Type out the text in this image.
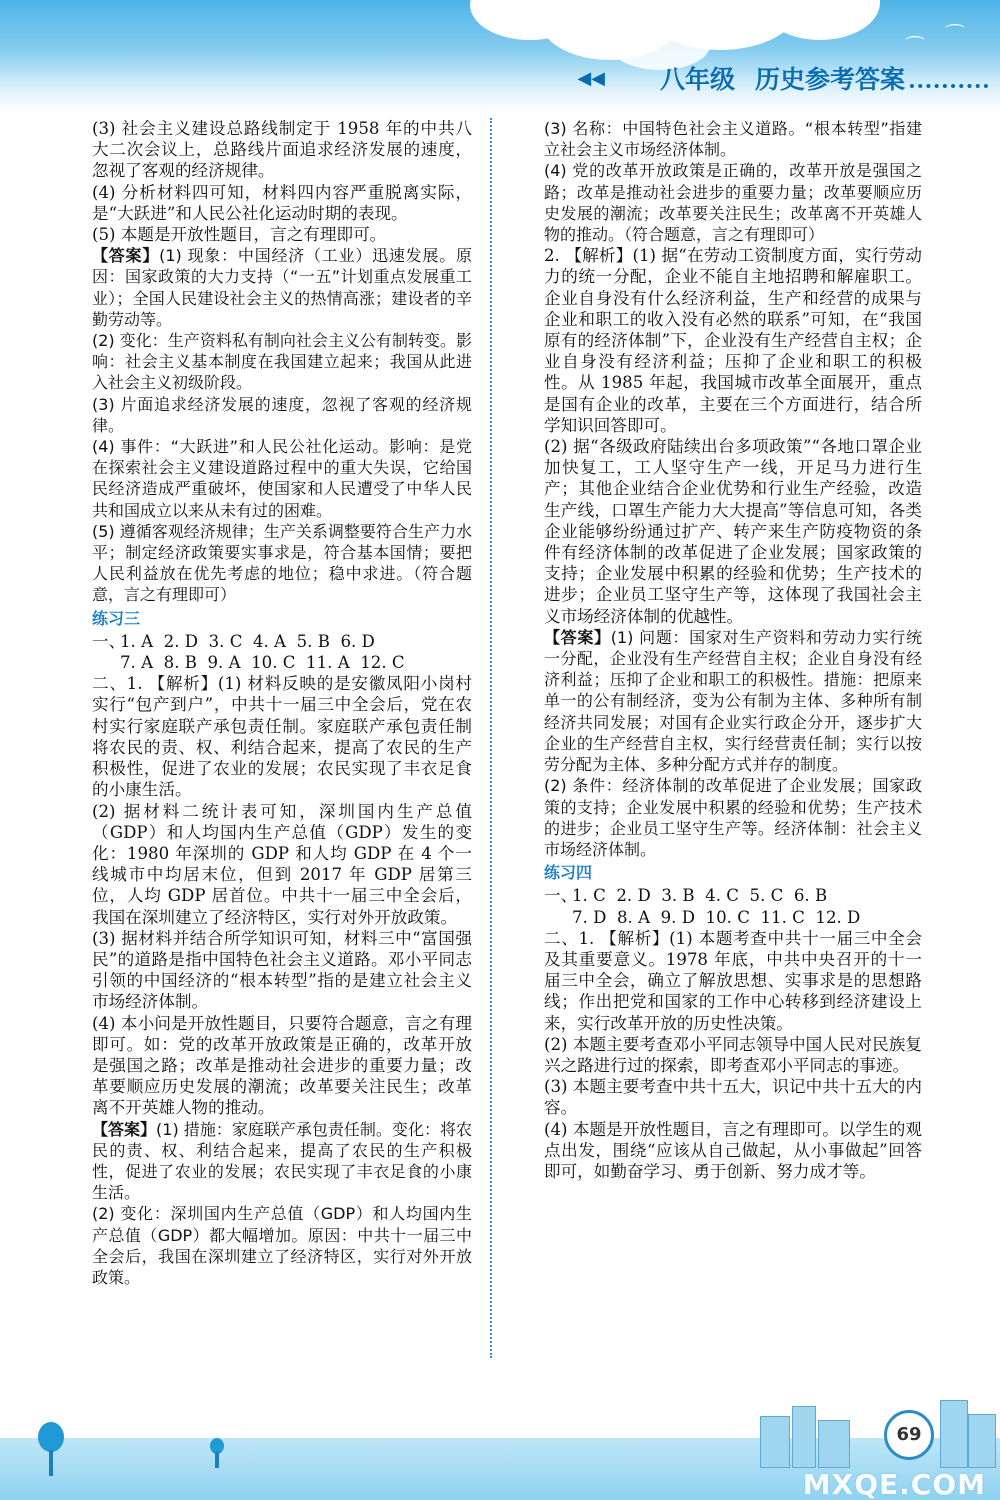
⌒ ⌒
◀◀ 八年级 历史参考答案

(3) 社会主义建设总路线制定于 1958 年的中共八大二次会议上，总路线片面追求经济发展的速度，忽视了客观的经济规律。

(4) 分析材料四可知，材料四内容严重脱离实际，是“大跃进”和人民公社化运动时期的表现。

(5) 本题是开放性题目，言之有理即可。

【答案】(1) 现象：中国经济（工业）迅速发展。原因：国家政策的大力支持（“一五”计划重点发展重工业）；全国人民建设社会主义的热情高涨；建设者的辛勤劳动等。

(2) 变化：生产资料私有制向社会主义公有制转变。影响：社会主义基本制度在我国建立起来；我国从此进入社会主义初级阶段。

(3) 片面追求经济发展的速度，忽视了客观的经济规律。

(4) 事件：“大跃进”和人民公社化运动。影响：是党在探索社会主义建设道路过程中的重大失误，它给国民经济造成严重破坏，使国家和人民遭受了中华人民共和国成立以来从未有过的困难。

(5) 遵循客观经济规律；生产关系调整要符合生产力水平；制定经济政策要实事求是，符合基本国情；要把人民利益放在优先考虑的地位；稳中求进。（符合题意，言之有理即可）

练习三

一、
1. A  2. D  3. C  4. A  5. B  6. D
7. A  8. B  9. A  10. C  11. A  12. C

二、1. 【解析】(1) 材料反映的是安徽凤阳小岗村实行“包产到户”，中共十一届三中全会后，党在农村实行家庭联产承包责任制。家庭联产承包责任制将农民的责、权、利结合起来，提高了农民的生产积极性，促进了农业的发展；农民实现了丰衣足食的小康生活。

(2) 据材料二统计表可知，深圳国内生产总值（GDP）和人均国内生产总值（GDP）发生的变化：1980 年深圳的 GDP 和人均 GDP 在 4 个一线城市中均居末位，但到 2017 年 GDP 居第三位，人均 GDP 居首位。中共十一届三中全会后，我国在深圳建立了经济特区，实行对外开放政策。

(3) 据材料并结合所学知识可知，材料三中“富国强民”的道路是指中国特色社会主义道路。邓小平同志引领的中国经济的“根本转型”指的是建立社会主义市场经济体制。

(4) 本小问是开放性题目，只要符合题意，言之有理即可。如：党的改革开放政策是正确的，改革开放是强国之路；改革是推动社会进步的重要力量；改革要顺应历史发展的潮流；改革要关注民生；改革离不开英雄人物的推动。

【答案】(1) 措施：家庭联产承包责任制。变化：将农民的责、权、利结合起来，提高了农民的生产积极性，促进了农业的发展；农民实现了丰衣足食的小康生活。

(2) 变化：深圳国内生产总值（GDP）和人均国内生产总值（GDP）都大幅增加。原因：中共十一届三中全会后，我国在深圳建立了经济特区，实行对外开放政策。

(3) 名称：中国特色社会主义道路。“根本转型”指建立社会主义市场经济体制。

(4) 党的改革开放政策是正确的，改革开放是强国之路；改革是推动社会进步的重要力量；改革要顺应历史发展的潮流；改革要关注民生；改革离不开英雄人物的推动。（符合题意，言之有理即可）

2. 【解析】(1) 据“在劳动工资制度方面，实行劳动力的统一分配，企业不能自主地招聘和解雇职工。企业自身没有什么经济利益，生产和经营的成果与企业和职工的收入没有必然的联系”可知，在“我国原有的经济体制”下，企业没有生产经营自主权；企业自身没有经济利益；压抑了企业和职工的积极性。从 1985 年起，我国城市改革全面展开，重点是国有企业的改革，主要在三个方面进行，结合所学知识回答即可。

(2) 据“各级政府陆续出台多项政策”“各地口罩企业加快复工，工人坚守生产一线，开足马力进行生产；其他企业结合企业优势和行业生产经验，改造生产线，口罩生产能力大大提高”等信息可知，各类企业能够纷纷通过扩产、转产来生产防疫物资的条件有经济体制的改革促进了企业发展；国家政策的支持；企业发展中积累的经验和优势；生产技术的进步；企业员工坚守生产等，这体现了我国社会主义市场经济体制的优越性。

【答案】(1) 问题：国家对生产资料和劳动力实行统一分配，企业没有生产经营自主权；企业自身没有经济利益；压抑了企业和职工的积极性。措施：把原来单一的公有制经济，变为公有制为主体、多种所有制经济共同发展；对国有企业实行政企分开，逐步扩大企业的生产经营自主权，实行经营责任制；实行以按劳分配为主体、多种分配方式并存的制度。

(2) 条件：经济体制的改革促进了企业发展；国家政策的支持；企业发展中积累的经验和优势；生产技术的进步；企业员工坚守生产等。经济体制：社会主义市场经济体制。

练习四

一、
1. C  2. D  3. B  4. C  5. C  6. B
7. D  8. A  9. D  10. C  11. C  12. D

二、1. 【解析】(1) 本题考查中共十一届三中全会及其重要意义。1978 年底，中共中央召开的十一届三中全会，确立了解放思想、实事求是的思想路线；作出把党和国家的工作中心转移到经济建设上来，实行改革开放的历史性决策。

(2) 本题主要考查邓小平同志领导中国人民对民族复兴之路进行过的探索，即考查邓小平同志的事迹。

(3) 本题主要考查中共十五大，识记中共十五大的内容。

(4) 本题是开放性题目，言之有理即可。以学生的观点出发，围绕“应该从自己做起，从小事做起”回答即可，如勤奋学习、勇于创新、努力成才等。

69
MXQE.COM
